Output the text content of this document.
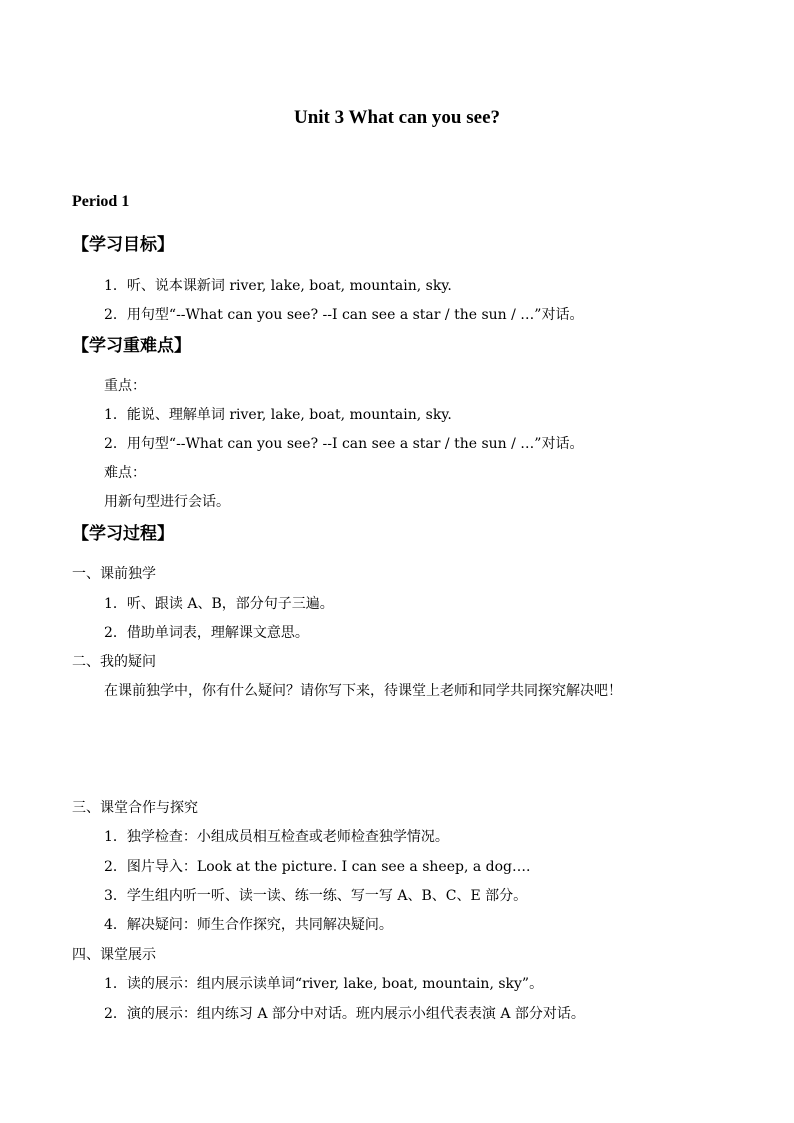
Unit 3 What can you see?
Period 1
【学习目标】
1．听、说本课新词 river, lake, boat, mountain, sky.
2．用句型“--What can you see? --I can see a star / the sun / …”对话。
【学习重难点】
重点：
1．能说、理解单词 river, lake, boat, mountain, sky.
2．用句型“--What can you see? --I can see a star / the sun / …”对话。
难点：
用新句型进行会话。
【学习过程】
一、课前独学
1．听、跟读 A、B，部分句子三遍。
2．借助单词表，理解课文意思。
二、我的疑问
在课前独学中，你有什么疑问？请你写下来，待课堂上老师和同学共同探究解决吧！
三、课堂合作与探究
1．独学检查：小组成员相互检查或老师检查独学情况。
2．图片导入：Look at the picture. I can see a sheep, a dog….
3．学生组内听一听、读一读、练一练、写一写 A、B、C、E 部分。
4．解决疑问：师生合作探究，共同解决疑问。
四、课堂展示
1．读的展示：组内展示读单词“river, lake, boat, mountain, sky”。
2．演的展示：组内练习 A 部分中对话。班内展示小组代表表演 A 部分对话。
